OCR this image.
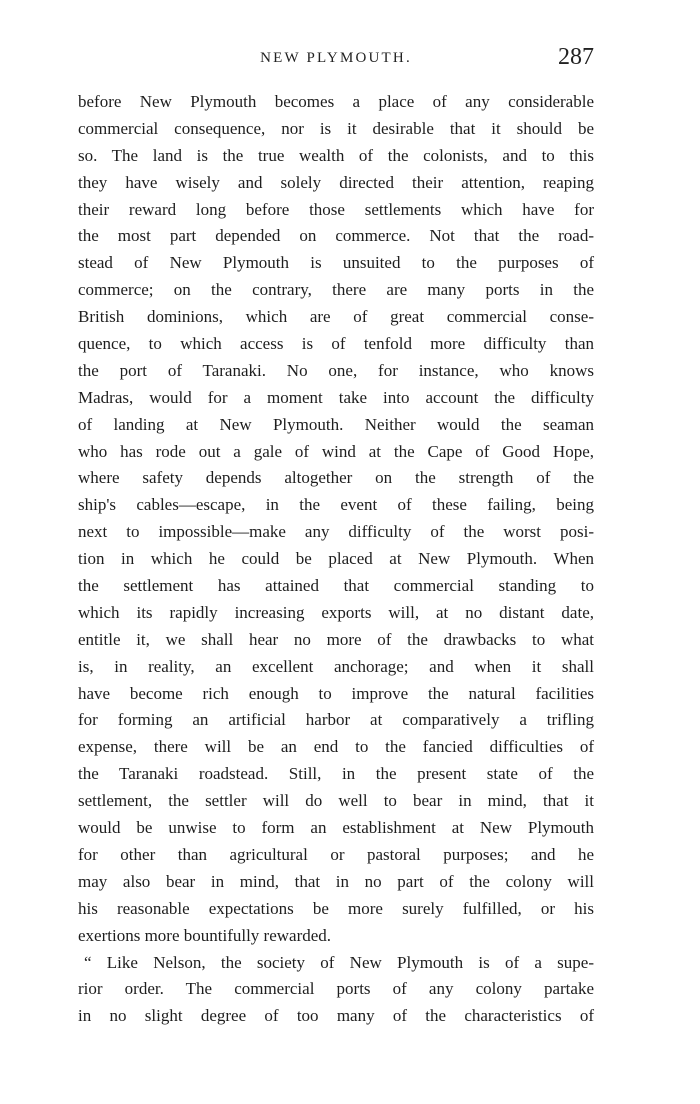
NEW PLYMOUTH.	287
before New Plymouth becomes a place of any considerable
commercial consequence, nor is it desirable that it should be
so. The land is the true wealth of the colonists, and to this
they have wisely and solely directed their attention, reaping
their reward long before those settlements which have for
the most part depended on commerce. Not that the road-
stead of New Plymouth is unsuited to the purposes of
commerce; on the contrary, there are many ports in the
British dominions, which are of great commercial conse-
quence, to which access is of tenfold more difficulty than
the port of Taranaki. No one, for instance, who knows
Madras, would for a moment take into account the difficulty
of landing at New Plymouth. Neither would the seaman
who has rode out a gale of wind at the Cape of Good Hope,
where safety depends altogether on the strength of the
ship's cables—escape, in the event of these failing, being
next to impossible—make any difficulty of the worst posi-
tion in which he could be placed at New Plymouth. When
the settlement has attained that commercial standing to
which its rapidly increasing exports will, at no distant date,
entitle it, we shall hear no more of the drawbacks to what
is, in reality, an excellent anchorage; and when it shall
have become rich enough to improve the natural facilities
for forming an artificial harbor at comparatively a trifling
expense, there will be an end to the fancied difficulties of
the Taranaki roadstead. Still, in the present state of the
settlement, the settler will do well to bear in mind, that it
would be unwise to form an establishment at New Plymouth
for other than agricultural or pastoral purposes; and he
may also bear in mind, that in no part of the colony will
his reasonable expectations be more surely fulfilled, or his
exertions more bountifully rewarded.
“ Like Nelson, the society of New Plymouth is of a supe-
rior order. The commercial ports of any colony partake
in no slight degree of too many of the characteristics of
